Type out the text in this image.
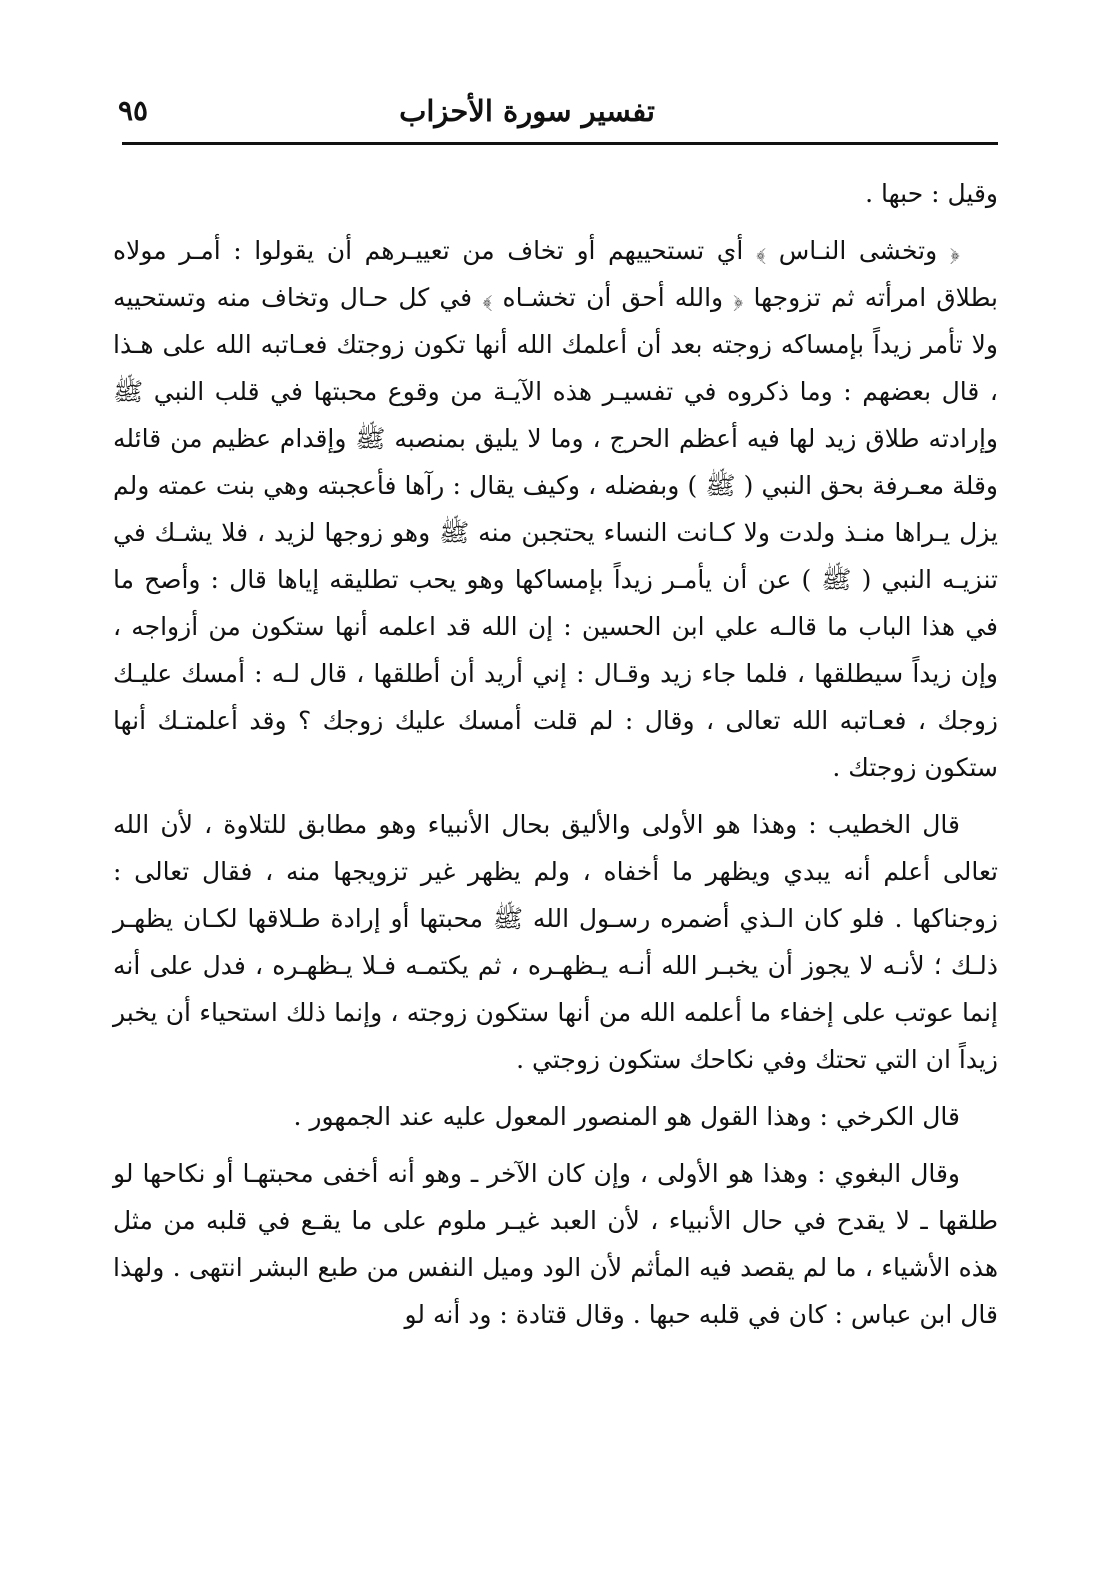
تفسير سورة الأحزاب
٩٥

وقيل : حبها .

﴿ وتخشى النـاس ﴾ أي تستحييهم أو تخاف من تعييـرهم أن يقولوا : أمـر مولاه بطلاق امرأته ثم تزوجها ﴿ والله أحق أن تخشـاه ﴾ في كل حـال وتخاف منه وتستحييه ولا تأمر زيداً بإمساكه زوجته بعد أن أعلمك الله أنها تكون زوجتك فعـاتبه الله على هـذا ، قال بعضهم : وما ذكروه في تفسيـر هذه الآيـة من وقوع محبتها في قلب النبي ﷺ وإرادته طلاق زيد لها فيه أعظم الحرج ، وما لا يليق بمنصبه ﷺ وإقدام عظيم من قائله وقلة معـرفة بحق النبي ( ﷺ ) وبفضله ، وكيف يقال : رآها فأعجبته وهي بنت عمته ولم يزل يـراها منـذ ولدت ولا كـانت النساء يحتجبن منه ﷺ وهو زوجها لزيد ، فلا يشـك في تنزيـه النبي ( ﷺ ) عن أن يأمـر زيداً بإمساكها وهو يحب تطليقه إياها قال : وأصح ما في هذا الباب ما قالـه علي ابن الحسين : إن الله قد اعلمه أنها ستكون من أزواجه ، وإن زيداً سيطلقها ، فلما جاء زيد وقـال : إني أريد أن أطلقها ، قال لـه : أمسك عليـك زوجك ، فعـاتبه الله تعالى ، وقال : لم قلت أمسك عليك زوجك ؟ وقد أعلمتـك أنها ستكون زوجتك .

قال الخطيب : وهذا هو الأولى والأليق بحال الأنبياء وهو مطابق للتلاوة ، لأن الله تعالى أعلم أنه يبدي ويظهر ما أخفاه ، ولم يظهر غير تزويجها منه ، فقال تعالى : زوجناكها . فلو كان الـذي أضمره رسـول الله ﷺ محبتها أو إرادة طـلاقها لكـان يظهـر ذلـك ؛ لأنـه لا يجوز أن يخبـر الله أنـه يـظهـره ، ثم يكتمـه فـلا يـظهـره ، فدل على أنه إنما عوتب على إخفاء ما أعلمه الله من أنها ستكون زوجته ، وإنما ذلك استحياء أن يخبر زيداً ان التي تحتك وفي نكاحك ستكون زوجتي .

قال الكرخي : وهذا القول هو المنصور المعول عليه عند الجمهور .

وقال البغوي : وهذا هو الأولى ، وإن كان الآخر ـ وهو أنه أخفى محبتهـا أو نكاحها لو طلقها ـ لا يقدح في حال الأنبياء ، لأن العبد غيـر ملوم على ما يقـع في قلبه من مثل هذه الأشياء ، ما لم يقصد فيه المأثم لأن الود وميل النفس من طبع البشر انتهى . ولهذا قال ابن عباس : كان في قلبه حبها . وقال قتادة : ود أنه لو
